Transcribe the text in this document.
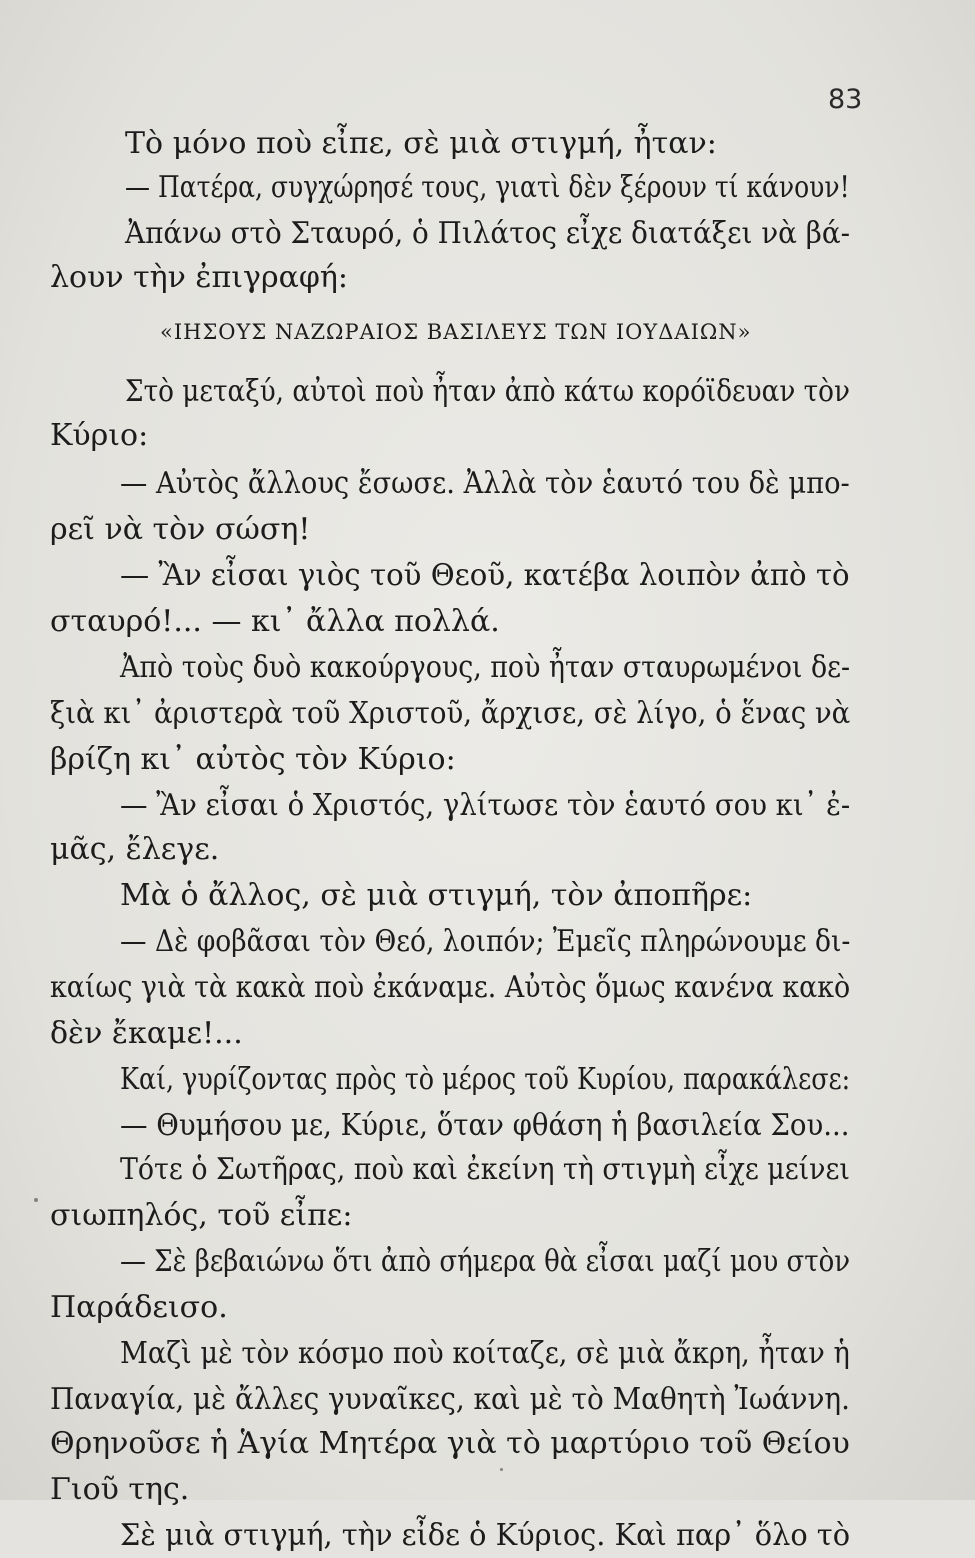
83
Τὸ μόνο ποὺ εἶπε, σὲ μιὰ στιγμή, ἦταν:
— Πατέρα, συγχώρησέ τους, γιατὶ δὲν ξέρουν τί κάνουν!
Ἀπάνω στὸ Σταυρό, ὁ Πιλάτος εἶχε διατάξει νὰ βά-
λουν τὴν ἐπιγραφή:
«ΙΗΣΟΥΣ ΝΑΖΩΡΑΙΟΣ ΒΑΣΙΛΕΥΣ ΤΩΝ ΙΟΥΔΑΙΩΝ»
Στὸ μεταξύ, αὐτοὶ ποὺ ἦταν ἀπὸ κάτω κορόϊδευαν τὸν
Κύριο:
— Αὐτὸς ἄλλους ἔσωσε. Ἀλλὰ τὸν ἑαυτό του δὲ μπο-
ρεῖ νὰ τὸν σώση!
— Ἂν εἶσαι γιὸς τοῦ Θεοῦ, κατέβα λοιπὸν ἀπὸ τὸ
σταυρό!... — κι᾿ ἄλλα πολλά.
Ἀπὸ τοὺς δυὸ κακούργους, ποὺ ἦταν σταυρωμένοι δε-
ξιὰ κι᾿ ἀριστερὰ τοῦ Χριστοῦ, ἄρχισε, σὲ λίγο, ὁ ἕνας νὰ
βρίζη κι᾿ αὐτὸς τὸν Κύριο:
— Ἂν εἶσαι ὁ Χριστός, γλίτωσε τὸν ἑαυτό σου κι᾿ ἐ-
μᾶς, ἔλεγε.
Μὰ ὁ ἄλλος, σὲ μιὰ στιγμή, τὸν ἀποπῆρε:
— Δὲ φοβᾶσαι τὸν Θεό, λοιπόν; Ἐμεῖς πληρώνουμε δι-
καίως γιὰ τὰ κακὰ ποὺ ἐκάναμε. Αὐτὸς ὅμως κανένα κακὸ
δὲν ἔκαμε!...
Καί, γυρίζοντας πρὸς τὸ μέρος τοῦ Κυρίου, παρακάλεσε:
— Θυμήσου με, Κύριε, ὅταν φθάση ἡ βασιλεία Σου...
Τότε ὁ Σωτῆρας, ποὺ καὶ ἐκείνη τὴ στιγμὴ εἶχε μείνει
σιωπηλός, τοῦ εἶπε:
— Σὲ βεβαιώνω ὅτι ἀπὸ σήμερα θὰ εἶσαι μαζί μου στὸν
Παράδεισο.
Μαζὶ μὲ τὸν κόσμο ποὺ κοίταζε, σὲ μιὰ ἄκρη, ἦταν ἡ
Παναγία, μὲ ἄλλες γυναῖκες, καὶ μὲ τὸ Μαθητὴ Ἰωάννη.
Θρηνοῦσε ἡ Ἁγία Μητέρα γιὰ τὸ μαρτύριο τοῦ Θείου
Γιοῦ της.
Σὲ μιὰ στιγμή, τὴν εἶδε ὁ Κύριος. Καὶ παρ᾿ ὅλο τὸ
